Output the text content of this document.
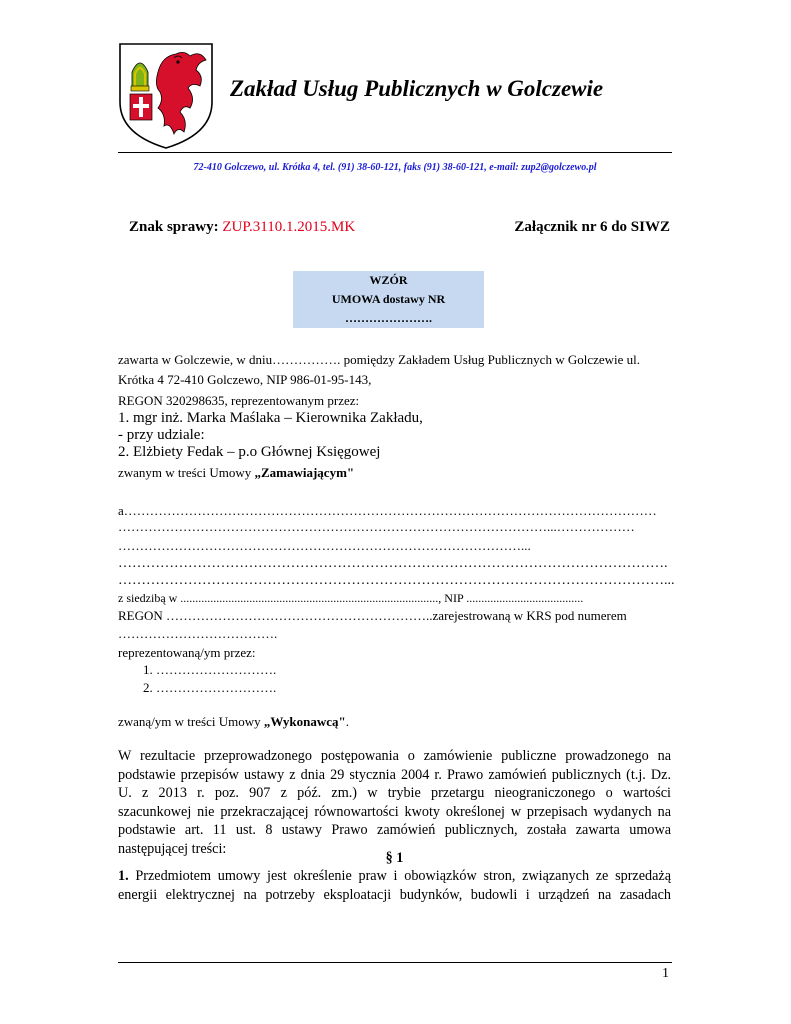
Zakład Usług Publicznych w Golczewie
72-410 Golczewo, ul. Krótka 4, tel. (91) 38-60-121, faks (91) 38-60-121, e-mail: zup2@golczewo.pl
Znak sprawy: ZUP.3110.1.2015.MK	Załącznik nr 6 do SIWZ
WZÓR
UMOWA dostawy NR
………………….
zawarta w Golczewie, w dniu……………. pomiędzy Zakładem Usług Publicznych w Golczewie ul.
Krótka 4 72-410 Golczewo, NIP 986-01-95-143,
REGON 320298635, reprezentowanym przez:
1. mgr inż. Marka Maślaka – Kierownika Zakładu,
- przy udziale:
2. Elżbiety Fedak – p.o Głównej Księgowej
zwanym w treści Umowy „Zamawiającym"
a……………………………………………………………………………………………………………
………………………………………………………………………………………...………………
…………………………………………………………………………………...
……………………………………………………………………………………………………….
………………………………………………………………………………………………………...
z siedzibą w ......................................................................................, NIP .......................................
REGON ……………………………………………………..zarejestrowaną w KRS pod numerem
……………………………….
reprezentowaną/ym przez:
1. ……………………….
2. ……………………….
zwaną/ym w treści Umowy „Wykonawcą".
W rezultacie przeprowadzonego postępowania o zamówienie publiczne prowadzonego na
podstawie przepisów ustawy z dnia 29 stycznia 2004 r. Prawo zamówień publicznych (t.j. Dz.
U. z 2013 r. poz. 907 z póź. zm.) w trybie przetargu nieograniczonego o wartości
szacunkowej nie przekraczającej równowartości kwoty określonej w przepisach wydanych na
podstawie art. 11 ust. 8 ustawy Prawo zamówień publicznych, została zawarta umowa
następującej treści:
§ 1
1. Przedmiotem umowy jest określenie praw i obowiązków stron, związanych ze sprzedażą
energii elektrycznej na potrzeby eksploatacji budynków, budowli i urządzeń na zasadach
1
